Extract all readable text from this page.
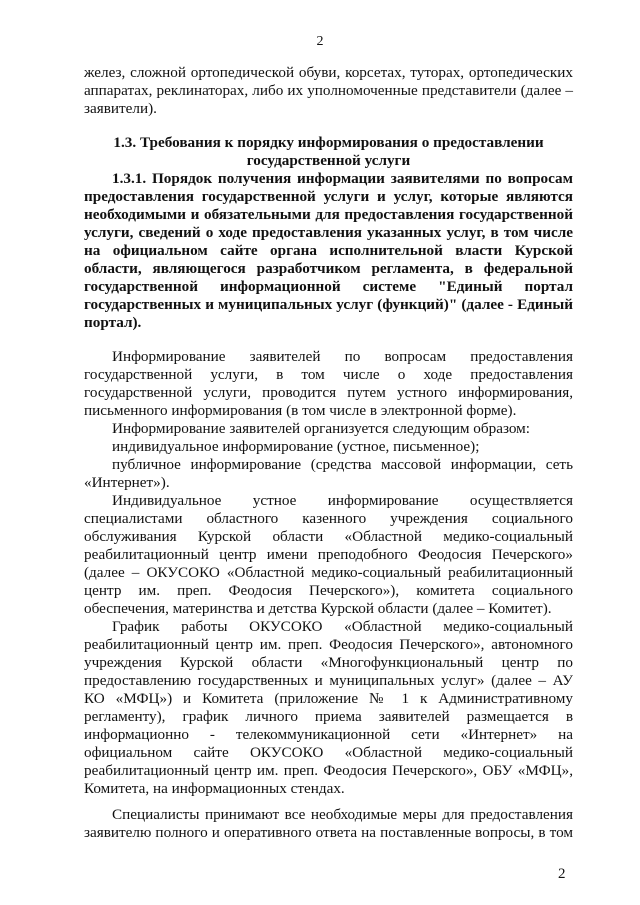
2
желез, сложной ортопедической обуви, корсетах, туторах, ортопедических
аппаратах, реклинаторах, либо их уполномоченные представители (далее –
заявители).
1.3. Требования к порядку информирования о предоставлении
государственной услуги
1.3.1. Порядок получения информации заявителями по вопросам
предоставления государственной услуги и услуг, которые являются
необходимыми и обязательными для предоставления государственной
услуги, сведений о ходе предоставления указанных услуг, в том числе
на официальном сайте органа исполнительной власти Курской
области, являющегося разработчиком регламента, в федеральной
государственной информационной системе "Единый портал
государственных и муниципальных услуг (функций)" (далее - Единый
портал).
Информирование заявителей по вопросам предоставления
государственной услуги, в том числе о ходе предоставления
государственной услуги, проводится путем устного информирования,
письменного информирования (в том числе в электронной форме).
Информирование заявителей организуется следующим образом:
индивидуальное информирование (устное, письменное);
публичное информирование (средства массовой информации, сеть
«Интернет»).
Индивидуальное устное информирование осуществляется
специалистами областного казенного учреждения социального
обслуживания Курской области «Областной медико-социальный
реабилитационный центр имени преподобного Феодосия Печерского»
(далее – ОКУСОКО «Областной медико-социальный реабилитационный
центр им. преп. Феодосия Печерского»), комитета социального
обеспечения, материнства и детства Курской области (далее – Комитет).
График работы ОКУСОКО «Областной медико-социальный
реабилитационный центр им. преп. Феодосия Печерского», автономного
учреждения Курской области «Многофункциональный центр по
предоставлению государственных и муниципальных услуг» (далее – АУ
КО «МФЦ») и Комитета (приложение № 1 к Административному
регламенту), график личного приема заявителей размещается в
информационно - телекоммуникационной сети «Интернет» на
официальном сайте ОКУСОКО «Областной медико-социальный
реабилитационный центр им. преп. Феодосия Печерского», ОБУ «МФЦ»,
Комитета, на информационных стендах.
Специалисты принимают все необходимые меры для предоставления
заявителю полного и оперативного ответа на поставленные вопросы, в том
2
